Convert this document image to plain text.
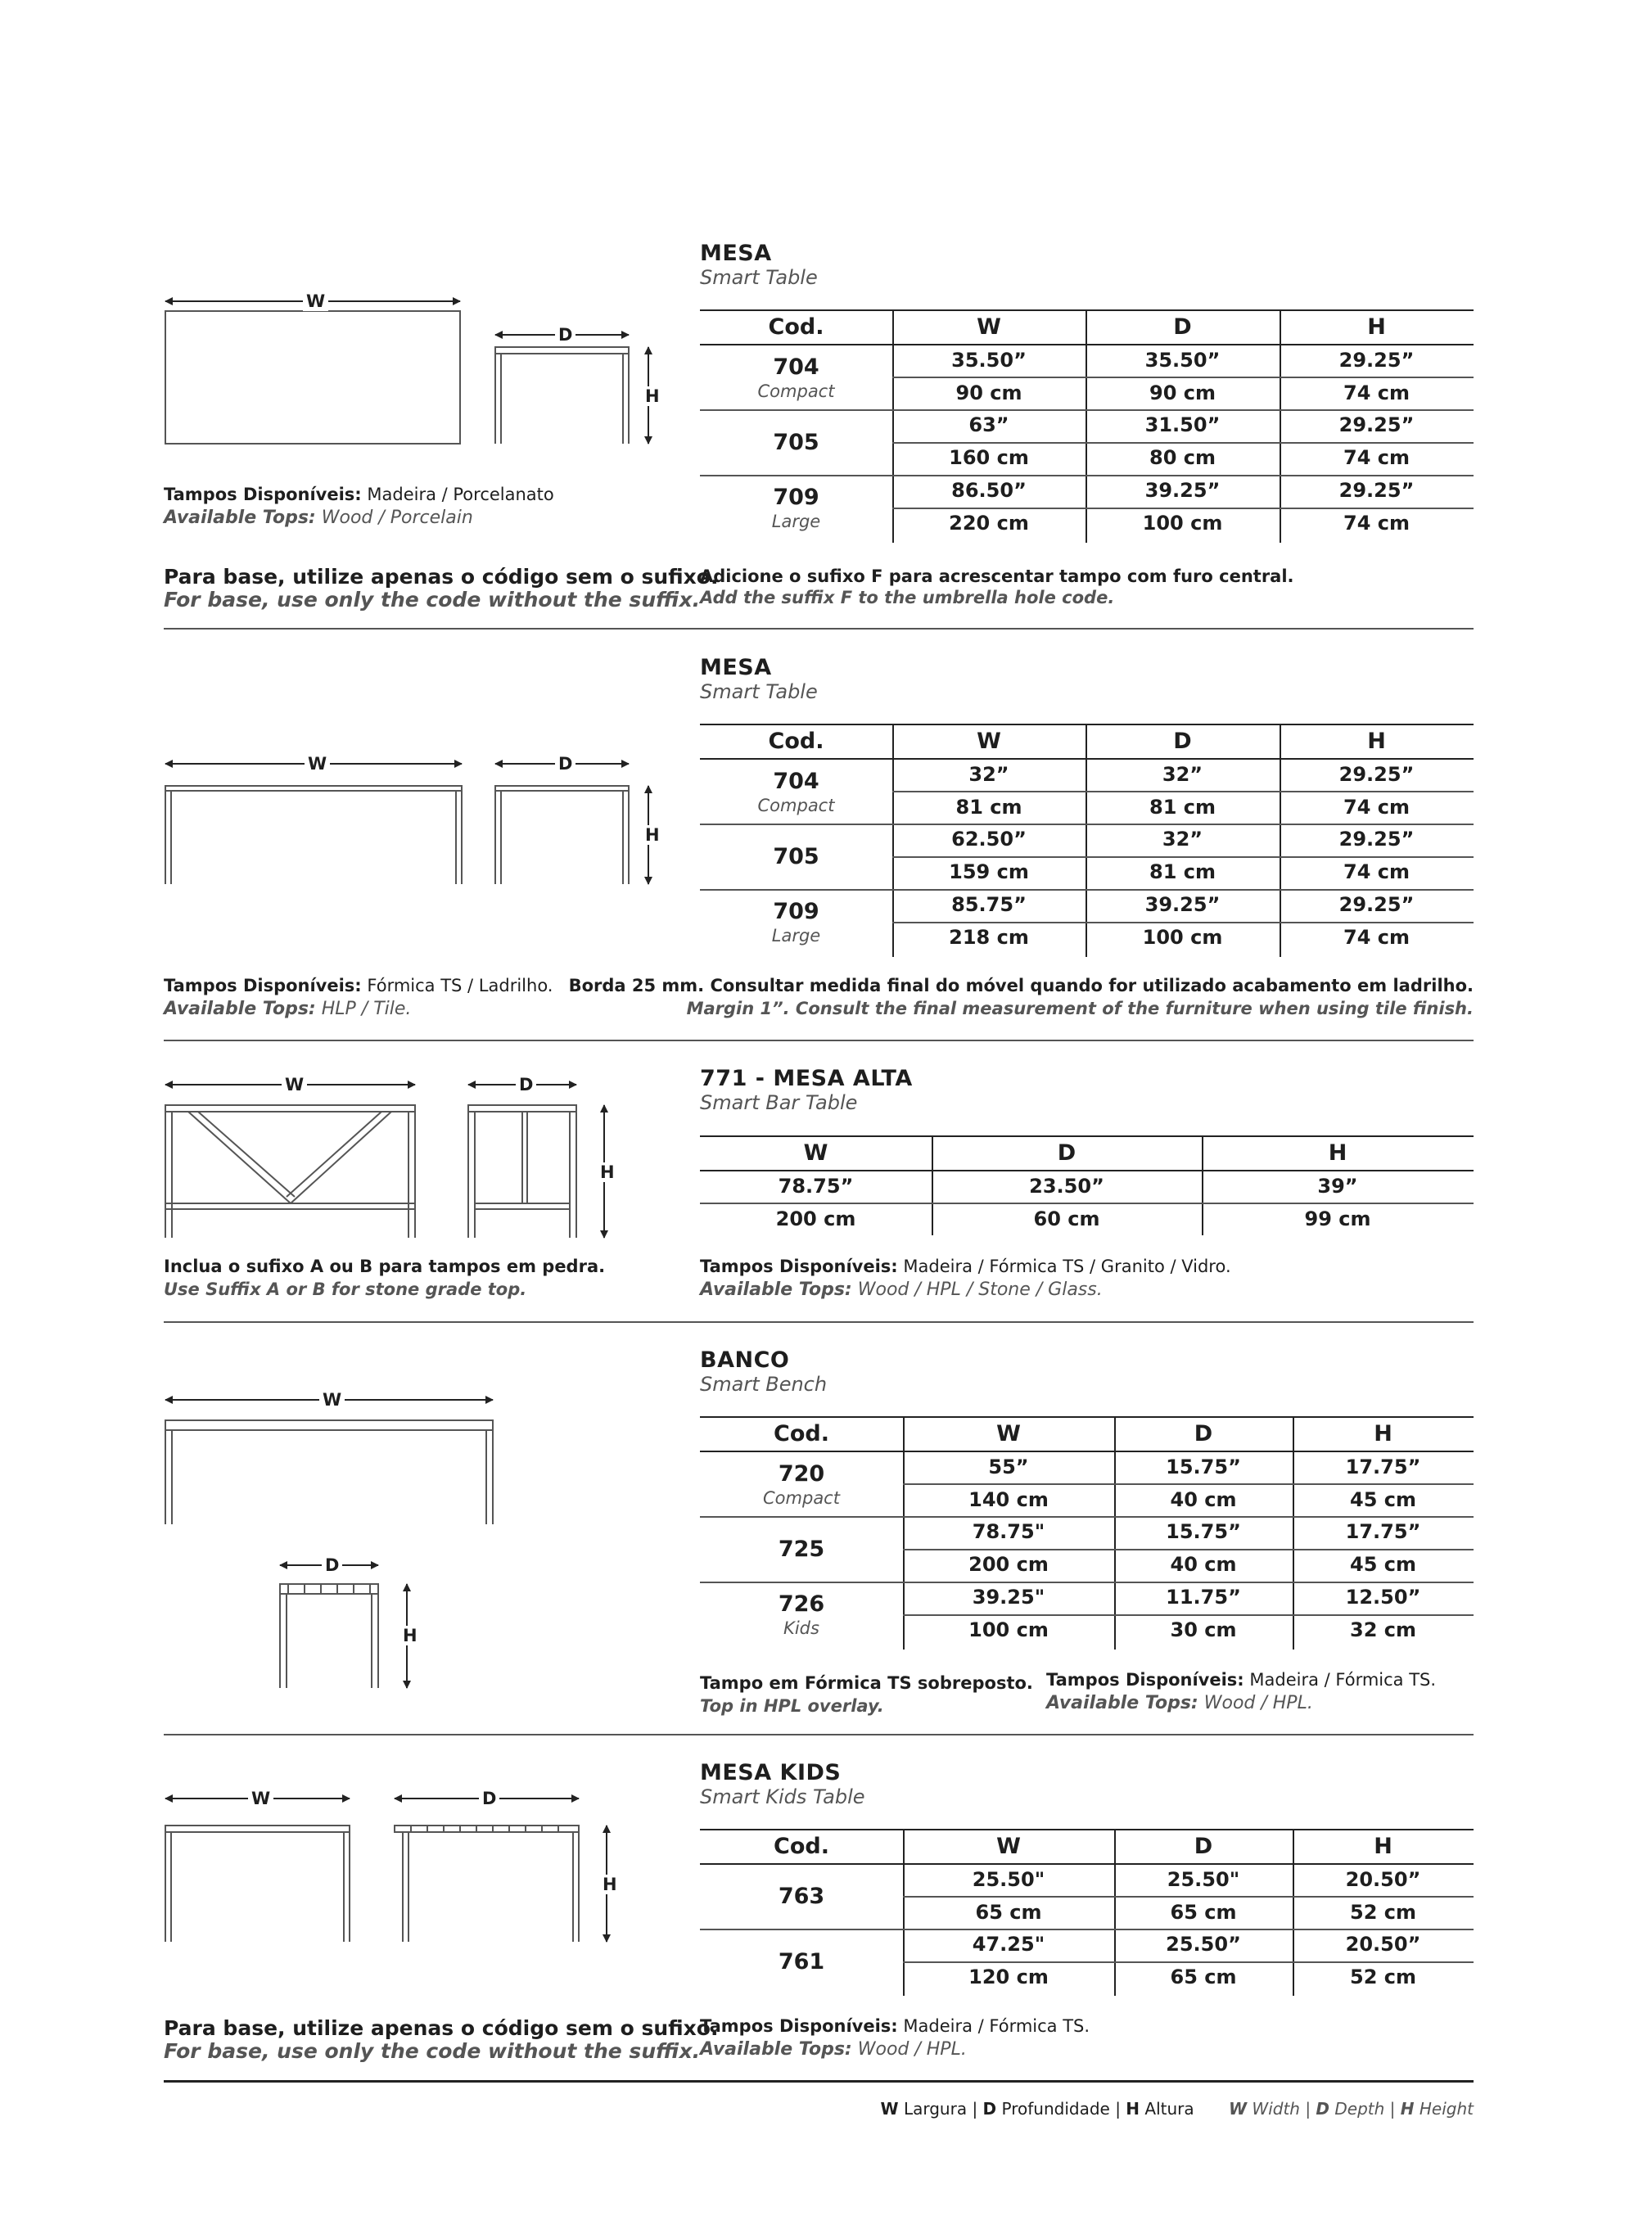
W
D
H
W	D
H
W	D
H
W
D
H
W	D
H
MESA
Smart Table
Cod.	W	D	H
704
Compact
35.50”	35.50”	29.25”
90 cm	90 cm	74 cm
705
63”	31.50”	29.25”
160 cm	80 cm	74 cm
709
Large
86.50”	39.25”	29.25”
220 cm	100 cm	74 cm
Tampos Disponíveis: Madeira / Porcelanato
Available Tops: Wood / Porcelain
Para base, utilize apenas o código sem o sufixo.
For base, use only the code without the suffix.
Adicione o sufixo F para acrescentar tampo com furo central.
Add the suffix F to the umbrella hole code.
MESA
Smart Table
Cod.	W	D	H
704
Compact
32”	32”	29.25”
81 cm	81 cm	74 cm
705
62.50”	32”	29.25”
159 cm	81 cm	74 cm
709
Large
85.75”	39.25”	29.25”
218 cm	100 cm	74 cm
Tampos Disponíveis: Fórmica TS / Ladrilho.
Available Tops: HLP / Tile.
Borda 25 mm. Consultar medida final do móvel quando for utilizado acabamento em ladrilho.
Margin 1”. Consult the final measurement of the furniture when using tile finish.
771 - MESA ALTA
Smart Bar Table
W	D	H
78.75”	23.50”	39”
200 cm	60 cm	99 cm
Inclua o sufixo A ou B para tampos em pedra.
Use Suffix A or B for stone grade top.
Tampos Disponíveis: Madeira / Fórmica TS / Granito / Vidro.
Available Tops: Wood / HPL / Stone / Glass.
BANCO
Smart Bench
Cod.	W	D	H
720
Compact
55”	15.75”	17.75”
140 cm	40 cm	45 cm
725
78.75"	15.75”	17.75”
200 cm	40 cm	45 cm
726
Kids
39.25"	11.75”	12.50”
100 cm	30 cm	32 cm
Tampo em Fórmica TS sobreposto.
Top in HPL overlay.
Tampos Disponíveis: Madeira / Fórmica TS.
Available Tops: Wood / HPL.
MESA KIDS
Smart Kids Table
Cod.	W	D	H
763
25.50"	25.50"	20.50”
65 cm	65 cm	52 cm
761
47.25"	25.50”	20.50”
120 cm	65 cm	52 cm
Para base, utilize apenas o código sem o sufixo.
For base, use only the code without the suffix.
Tampos Disponíveis: Madeira / Fórmica TS.
Available Tops: Wood / HPL.
W Largura | D Profundidade | H Altura W Width | D Depth | H Height
